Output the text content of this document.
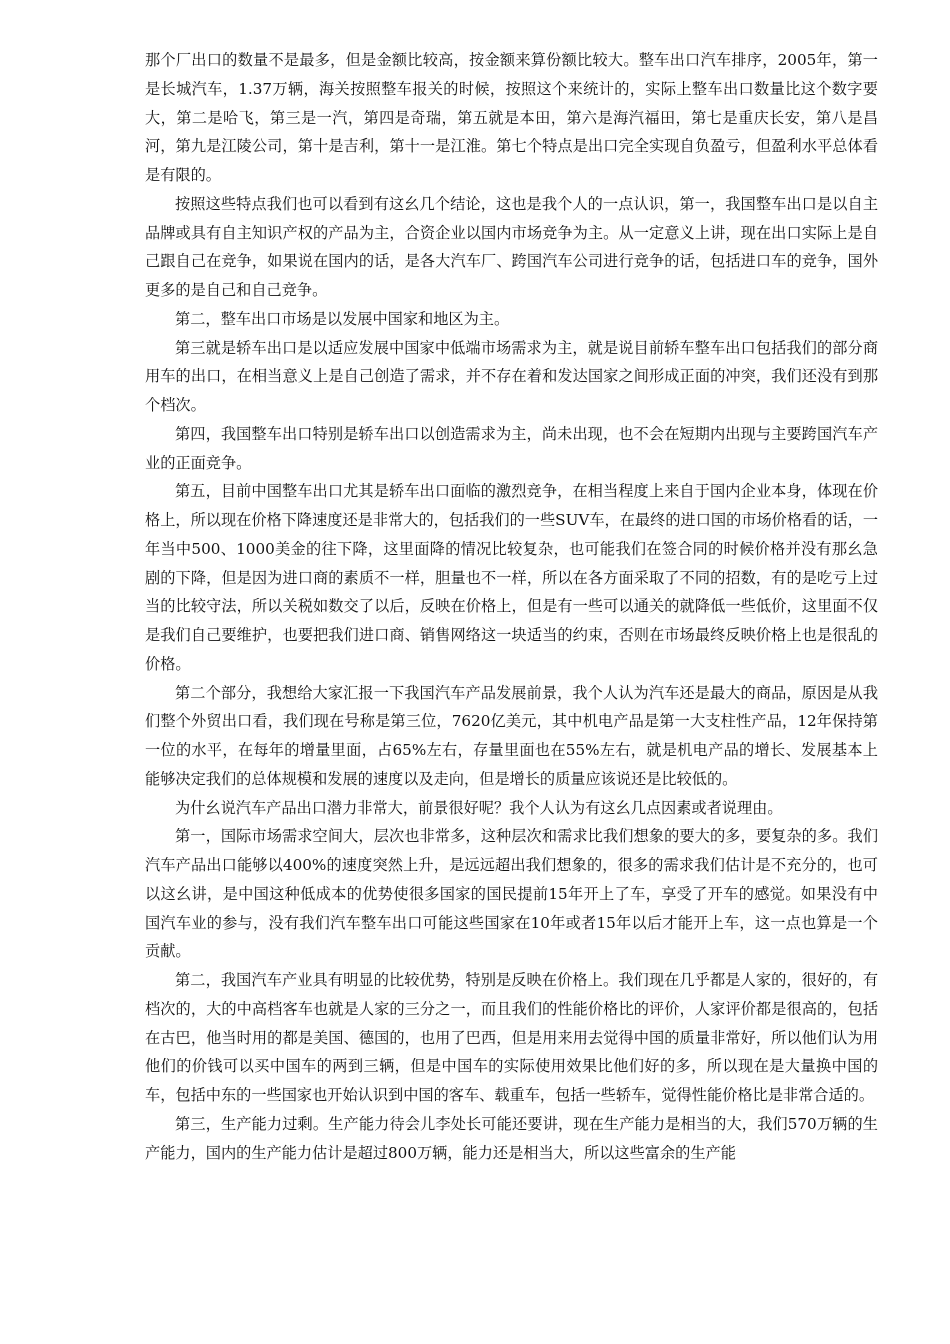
那个厂出口的数量不是最多，但是金额比较高，按金额来算份额比较大。整车出口汽车排序，2005年，第一是长城汽车，1.37万辆，海关按照整车报关的时候，按照这个来统计的，实际上整车出口数量比这个数字要大，第二是哈飞，第三是一汽，第四是奇瑞，第五就是本田，第六是海汽福田，第七是重庆长安，第八是昌河，第九是江陵公司，第十是吉利，第十一是江淮。第七个特点是出口完全实现自负盈亏，但盈利水平总体看是有限的。

按照这些特点我们也可以看到有这幺几个结论，这也是我个人的一点认识，第一，我国整车出口是以自主品牌或具有自主知识产权的产品为主，合资企业以国内市场竞争为主。从一定意义上讲，现在出口实际上是自己跟自己在竞争，如果说在国内的话，是各大汽车厂、跨国汽车公司进行竞争的话，包括进口车的竞争，国外更多的是自己和自己竞争。

第二，整车出口市场是以发展中国家和地区为主。

第三就是轿车出口是以适应发展中国家中低端市场需求为主，就是说目前轿车整车出口包括我们的部分商用车的出口，在相当意义上是自己创造了需求，并不存在着和发达国家之间形成正面的冲突，我们还没有到那个档次。

第四，我国整车出口特别是轿车出口以创造需求为主，尚未出现，也不会在短期内出现与主要跨国汽车产业的正面竞争。

第五，目前中国整车出口尤其是轿车出口面临的激烈竞争，在相当程度上来自于国内企业本身，体现在价格上，所以现在价格下降速度还是非常大的，包括我们的一些SUV车，在最终的进口国的市场价格看的话，一年当中500、1000美金的往下降，这里面降的情况比较复杂，也可能我们在签合同的时候价格并没有那幺急剧的下降，但是因为进口商的素质不一样，胆量也不一样，所以在各方面采取了不同的招数，有的是吃亏上过当的比较守法，所以关税如数交了以后，反映在价格上，但是有一些可以通关的就降低一些低价，这里面不仅是我们自己要维护，也要把我们进口商、销售网络这一块适当的约束，否则在市场最终反映价格上也是很乱的价格。

第二个部分，我想给大家汇报一下我国汽车产品发展前景，我个人认为汽车还是最大的商品，原因是从我们整个外贸出口看，我们现在号称是第三位，7620亿美元，其中机电产品是第一大支柱性产品，12年保持第一位的水平，在每年的增量里面，占65%左右，存量里面也在55%左右，就是机电产品的增长、发展基本上能够决定我们的总体规模和发展的速度以及走向，但是增长的质量应该说还是比较低的。

为什幺说汽车产品出口潜力非常大，前景很好呢？我个人认为有这幺几点因素或者说理由。

第一，国际市场需求空间大，层次也非常多，这种层次和需求比我们想象的要大的多，要复杂的多。我们汽车产品出口能够以400%的速度突然上升，是远远超出我们想象的，很多的需求我们估计是不充分的，也可以这幺讲，是中国这种低成本的优势使很多国家的国民提前15年开上了车，享受了开车的感觉。如果没有中国汽车业的参与，没有我们汽车整车出口可能这些国家在10年或者15年以后才能开上车，这一点也算是一个贡献。

第二，我国汽车产业具有明显的比较优势，特别是反映在价格上。我们现在几乎都是人家的，很好的，有档次的，大的中高档客车也就是人家的三分之一，而且我们的性能价格比的评价，人家评价都是很高的，包括在古巴，他当时用的都是美国、德国的，也用了巴西，但是用来用去觉得中国的质量非常好，所以他们认为用他们的价钱可以买中国车的两到三辆，但是中国车的实际使用效果比他们好的多，所以现在是大量换中国的车，包括中东的一些国家也开始认识到中国的客车、载重车，包括一些轿车，觉得性能价格比是非常合适的。

第三，生产能力过剩。生产能力待会儿李处长可能还要讲，现在生产能力是相当的大，我们570万辆的生产能力，国内的生产能力估计是超过800万辆，能力还是相当大，所以这些富余的生产能
